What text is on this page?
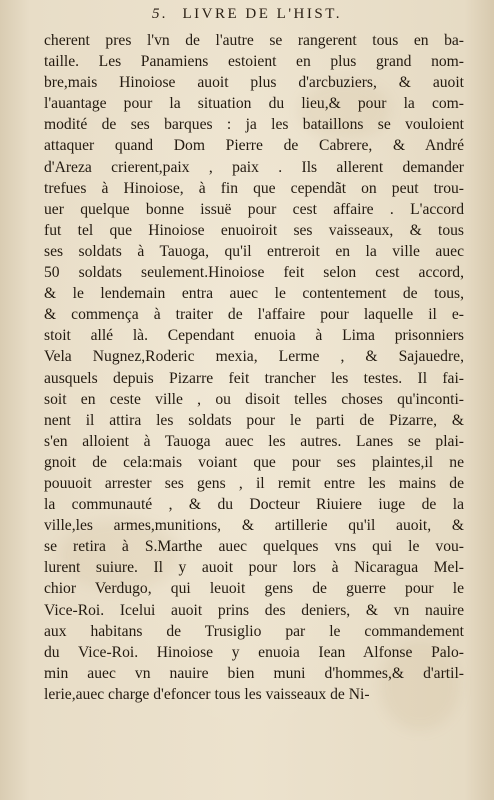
5. LIVRE DE L'HIST.
cherent pres l'vn de l'autre se rangerent tous en ba-
taille. Les Panamiens estoient en plus grand nom-
bre,mais Hinoiose auoit plus d'arcbuziers, & auoit
l'auantage pour la situation du lieu,& pour la com-
modité de ses barques : ja les bataillons se vouloient
attaquer quand Dom Pierre de Cabrere, & André
d'Areza crierent,paix , paix . Ils allerent demander
trefues à Hinoiose, à fin que cependãt on peut trou-
uer quelque bonne issuë pour cest affaire . L'accord
fut tel que Hinoiose enuoiroit ses vaisseaux, & tous
ses soldats à Tauoga, qu'il entreroit en la ville auec
50 soldats seulement.Hinoiose feit selon cest accord,
& le lendemain entra auec le contentement de tous,
& commença à traiter de l'affaire pour laquelle il e-
stoit allé là. Cependant enuoia à Lima prisonniers
Vela Nugnez,Roderic mexia, Lerme , & Sajauedre,
ausquels depuis Pizarre feit trancher les testes. Il fai-
soit en ceste ville , ou disoit telles choses qu'inconti-
nent il attira les soldats pour le parti de Pizarre, &
s'en alloient à Tauoga auec les autres. Lanes se plai-
gnoit de cela:mais voiant que pour ses plaintes,il ne
pouuoit arrester ses gens , il remit entre les mains de
la communauté , & du Docteur Riuiere iuge de la
ville,les armes,munitions, & artillerie qu'il auoit, &
se retira à S.Marthe auec quelques vns qui le vou-
lurent suiure. Il y auoit pour lors à Nicaragua Mel-
chior Verdugo, qui leuoit gens de guerre pour le
Vice-Roi. Icelui auoit prins des deniers, & vn nauire
aux habitans de Trusiglio par le commandement
du Vice-Roi. Hinoiose y enuoia Iean Alfonse Palo-
min auec vn nauire bien muni d'hommes,& d'artil-
lerie,auec charge d'efoncer tous les vaisseaux de Ni-
